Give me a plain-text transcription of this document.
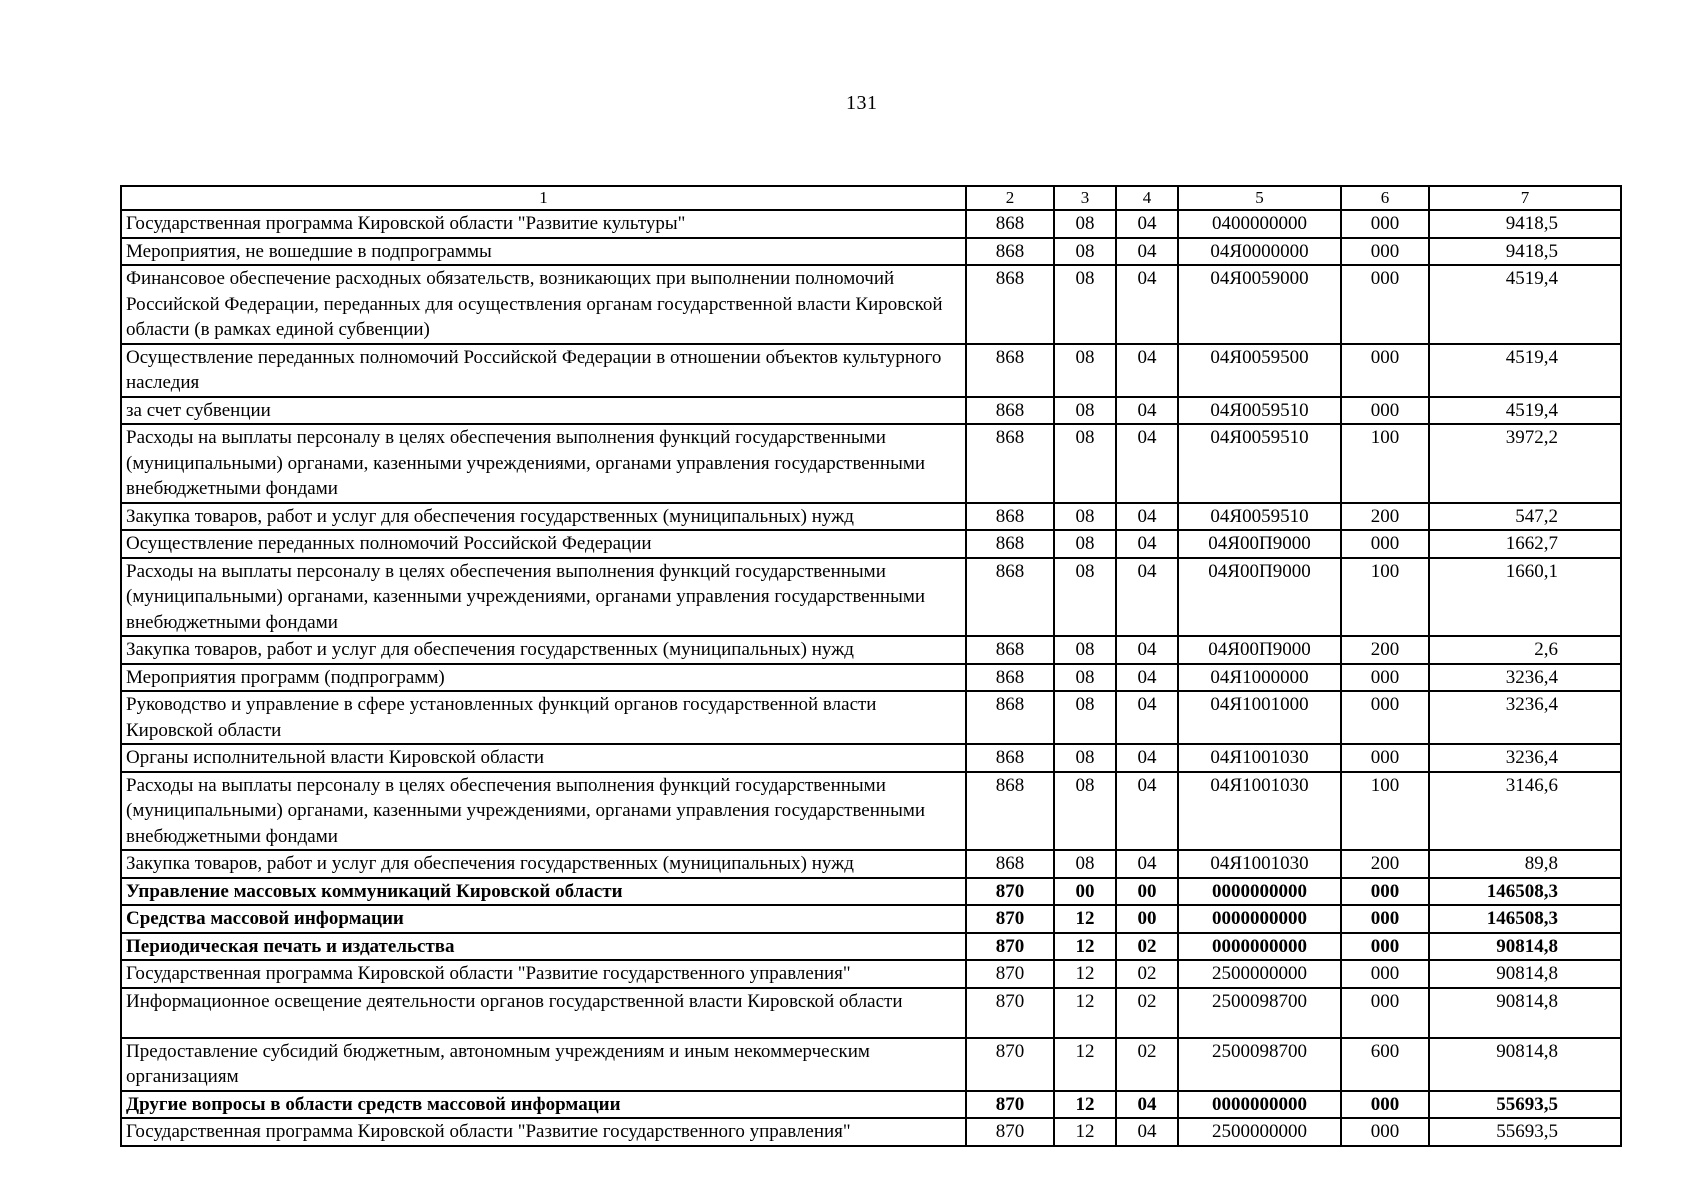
131
1	2	3	4	5	6	7
Государственная программа Кировской области "Развитие культуры"	868	08	04	0400000000	000	9418,5
Мероприятия, не вошедшие в подпрограммы	868	08	04	04Я0000000	000	9418,5
Финансовое обеспечение расходных обязательств, возникающих при выполнении полномочий Российской Федерации, переданных для осуществления органам государственной власти Кировской области (в рамках единой субвенции)	868	08	04	04Я0059000	000	4519,4
Осуществление переданных полномочий Российской Федерации в отношении объектов культурного наследия	868	08	04	04Я0059500	000	4519,4
за счет субвенции	868	08	04	04Я0059510	000	4519,4
Расходы на выплаты персоналу в целях обеспечения выполнения функций государственными (муниципальными) органами, казенными учреждениями, органами управления государственными внебюджетными фондами	868	08	04	04Я0059510	100	3972,2
Закупка товаров, работ и услуг для обеспечения государственных (муниципальных) нужд	868	08	04	04Я0059510	200	547,2
Осуществление переданных полномочий Российской Федерации	868	08	04	04Я00П9000	000	1662,7
Расходы на выплаты персоналу в целях обеспечения выполнения функций государственными (муниципальными) органами, казенными учреждениями, органами управления государственными внебюджетными фондами	868	08	04	04Я00П9000	100	1660,1
Закупка товаров, работ и услуг для обеспечения государственных (муниципальных) нужд	868	08	04	04Я00П9000	200	2,6
Мероприятия программ (подпрограмм)	868	08	04	04Я1000000	000	3236,4
Руководство и управление в сфере установленных функций органов государственной власти Кировской области	868	08	04	04Я1001000	000	3236,4
Органы исполнительной власти Кировской области	868	08	04	04Я1001030	000	3236,4
Расходы на выплаты персоналу в целях обеспечения выполнения функций государственными (муниципальными) органами, казенными учреждениями, органами управления государственными внебюджетными фондами	868	08	04	04Я1001030	100	3146,6
Закупка товаров, работ и услуг для обеспечения государственных (муниципальных) нужд	868	08	04	04Я1001030	200	89,8
Управление массовых коммуникаций Кировской области	870	00	00	0000000000	000	146508,3
Средства массовой информации	870	12	00	0000000000	000	146508,3
Периодическая печать и издательства	870	12	02	0000000000	000	90814,8
Государственная программа Кировской области "Развитие государственного управления"	870	12	02	2500000000	000	90814,8
Информационное освещение деятельности органов государственной власти Кировской области	870	12	02	2500098700	000	90814,8
Предоставление субсидий бюджетным, автономным учреждениям и иным некоммерческим организациям	870	12	02	2500098700	600	90814,8
Другие вопросы в области средств массовой информации	870	12	04	0000000000	000	55693,5
Государственная программа Кировской области "Развитие государственного управления"	870	12	04	2500000000	000	55693,5
